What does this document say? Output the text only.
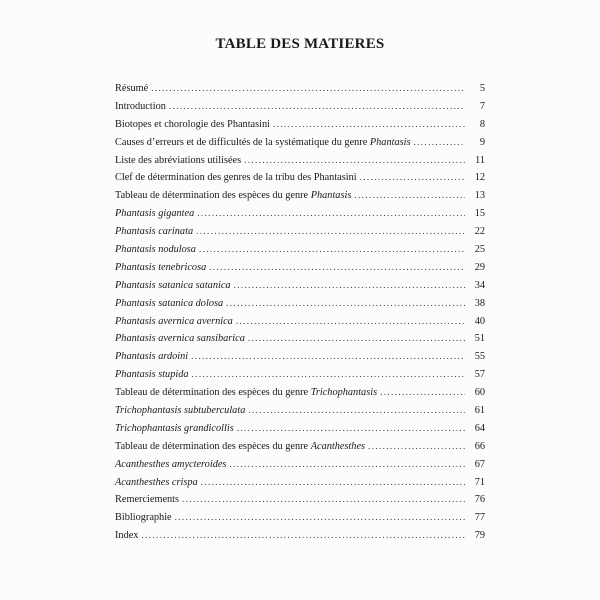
TABLE DES MATIERES
Résumé .....	5
Introduction .....	7
Biotopes et chorologie des Phantasini .....	8
Causes d’erreurs et de difficultés de la systématique du genre Phantasis .....	9
Liste des abréviations utilisées .....	11
Clef de détermination des genres de la tribu des Phantasini .....	12
Tableau de détermination des espèces du genre Phantasis .....	13
Phantasis gigantea .....	15
Phantasis carinata .....	22
Phantasis nodulosa .....	25
Phantasis tenebricosa .....	29
Phantasis satanica satanica .....	34
Phantasis satanica dolosa .....	38
Phantasis avernica avernica .....	40
Phantasis avernica sansibarica .....	51
Phantasis ardoini .....	55
Phantasis stupida .....	57
Tableau de détermination des espèces du genre Trichophantasis .....	60
Trichophantasis subtuberculata .....	61
Trichophantasis grandicollis .....	64
Tableau de détermination des espèces du genre Acanthesthes .....	66
Acanthesthes amycteroides .....	67
Acanthesthes crispa .....	71
Remerciements .....	76
Bibliographie .....	77
Index .....	79
